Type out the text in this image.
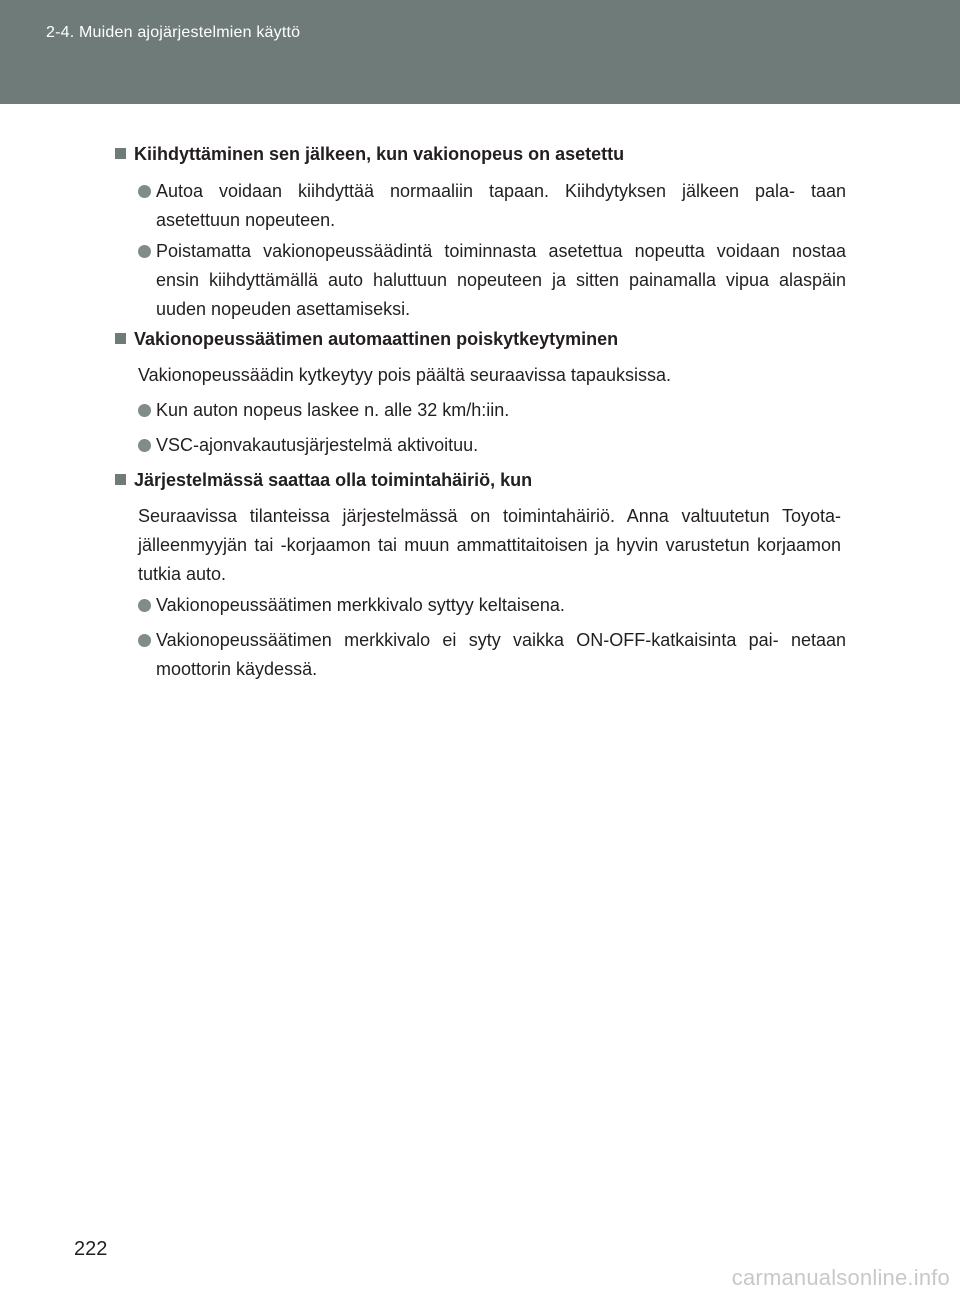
2-4. Muiden ajojärjestelmien käyttö
Kiihdyttäminen sen jälkeen, kun vakionopeus on asetettu
Autoa voidaan kiihdyttää normaaliin tapaan. Kiihdytyksen jälkeen pala- taan asetettuun nopeuteen.
Poistamatta vakionopeussäädintä toiminnasta asetettua nopeutta voidaan nostaa ensin kiihdyttämällä auto haluttuun nopeuteen ja sitten painamalla vipua alaspäin uuden nopeuden asettamiseksi.
Vakionopeussäätimen automaattinen poiskytkeytyminen
Vakionopeussäädin kytkeytyy pois päältä seuraavissa tapauksissa.
Kun auton nopeus laskee n. alle 32 km/h:iin.
VSC-ajonvakautusjärjestelmä aktivoituu.
Järjestelmässä saattaa olla toimintahäiriö, kun
Seuraavissa tilanteissa järjestelmässä on toimintahäiriö. Anna valtuutetun Toyota-jälleenmyyjän tai -korjaamon tai muun ammattitaitoisen ja hyvin varustetun korjaamon tutkia auto.
Vakionopeussäätimen merkkivalo syttyy keltaisena.
Vakionopeussäätimen merkkivalo ei syty vaikka ON-OFF-katkaisinta pai- netaan moottorin käydessä.
222
carmanualsonline.info
